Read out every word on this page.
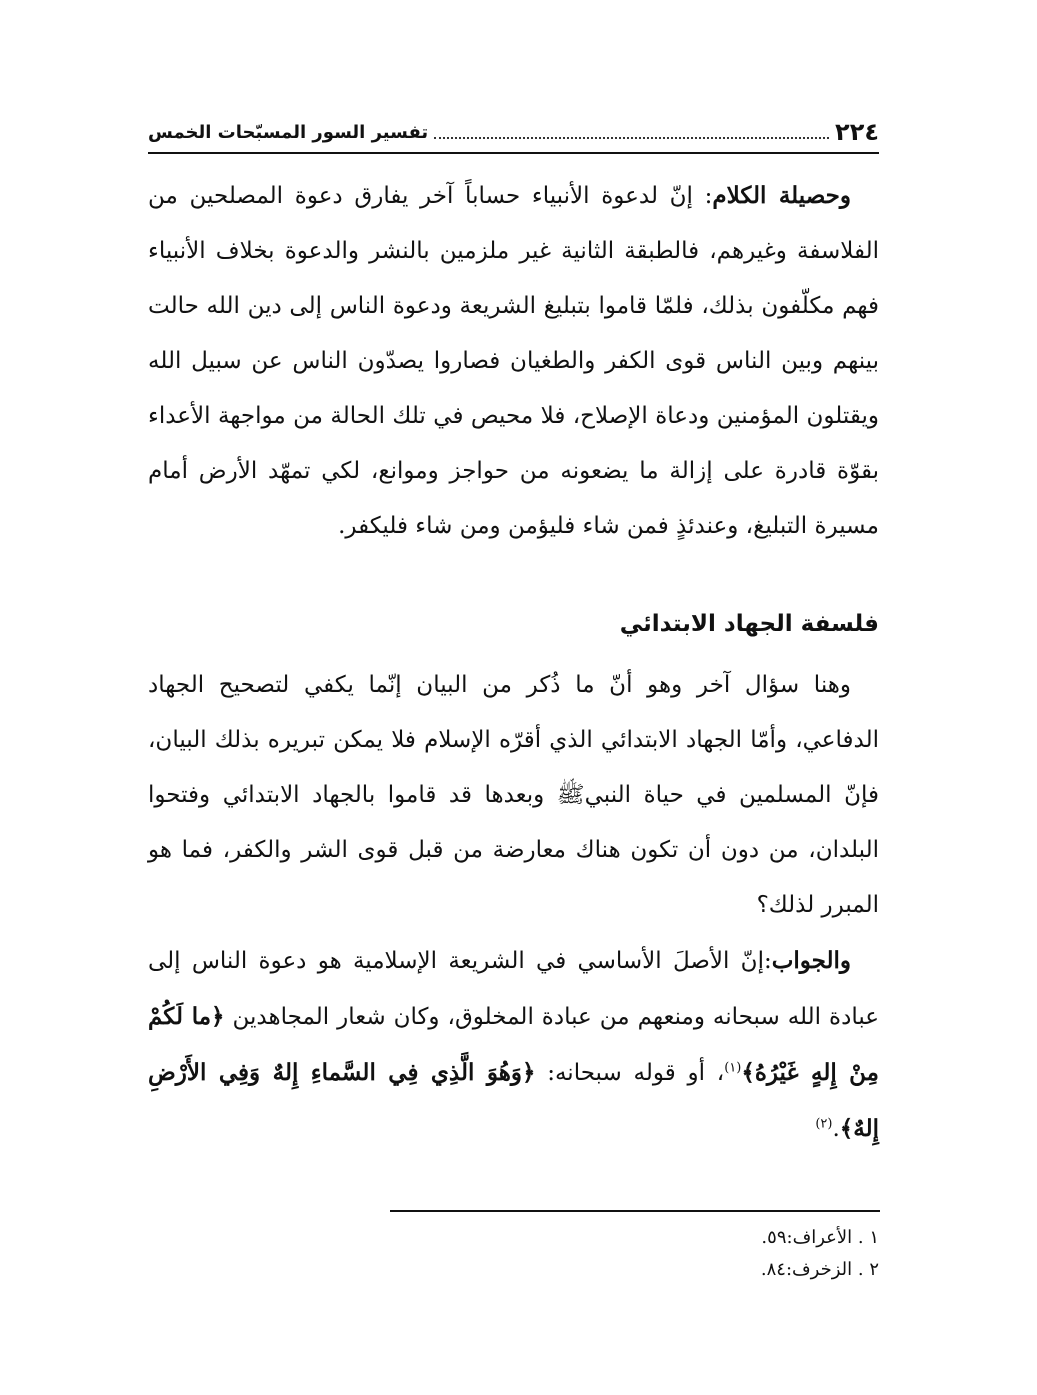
٢٢٤
تفسير السور المسبّحات الخمس

وحصيلة الكلام: إنّ لدعوة الأنبياء حساباً آخر يفارق دعوة المصلحين من الفلاسفة وغيرهم، فالطبقة الثانية غير ملزمين بالنشر والدعوة بخلاف الأنبياء فهم مكلّفون بذلك، فلمّا قاموا بتبليغ الشريعة ودعوة الناس إلى دين الله حالت بينهم وبين الناس قوى الكفر والطغيان فصاروا يصدّون الناس عن سبيل الله ويقتلون المؤمنين ودعاة الإصلاح، فلا محيص في تلك الحالة من مواجهة الأعداء بقوّة قادرة على إزالة ما يضعونه من حواجز وموانع، لكي تمهّد الأرض أمام مسيرة التبليغ، وعندئذٍ فمن شاء فليؤمن ومن شاء فليكفر.

فلسفة الجهاد الابتدائي

وهنا سؤال آخر وهو أنّ ما ذُكر من البيان إنّما يكفي لتصحيح الجهاد الدفاعي، وأمّا الجهاد الابتدائي الذي أقرّه الإسلام فلا يمكن تبريره بذلك البيان، فإنّ المسلمين في حياة النبيﷺ وبعدها قد قاموا بالجهاد الابتدائي وفتحوا البلدان، من دون أن تكون هناك معارضة من قبل قوى الشر والكفر، فما هو المبرر لذلك؟

والجواب:إنّ الأصلَ الأساسي في الشريعة الإسلامية هو دعوة الناس إلى عبادة الله سبحانه ومنعهم من عبادة المخلوق، وكان شعار المجاهدين ﴿ما لَكُمْ مِنْ إِلهٍ غَيْرُهُ﴾$^{(١)}$، أو قوله سبحانه: ﴿وَهُوَ الَّذِي فِي السَّماءِ إِلهٌ وَفِي الأَرْضِ إِلهٌ﴾.$^{(٢)}$

١ . الأعراف:٥٩.
٢ . الزخرف:٨٤.
